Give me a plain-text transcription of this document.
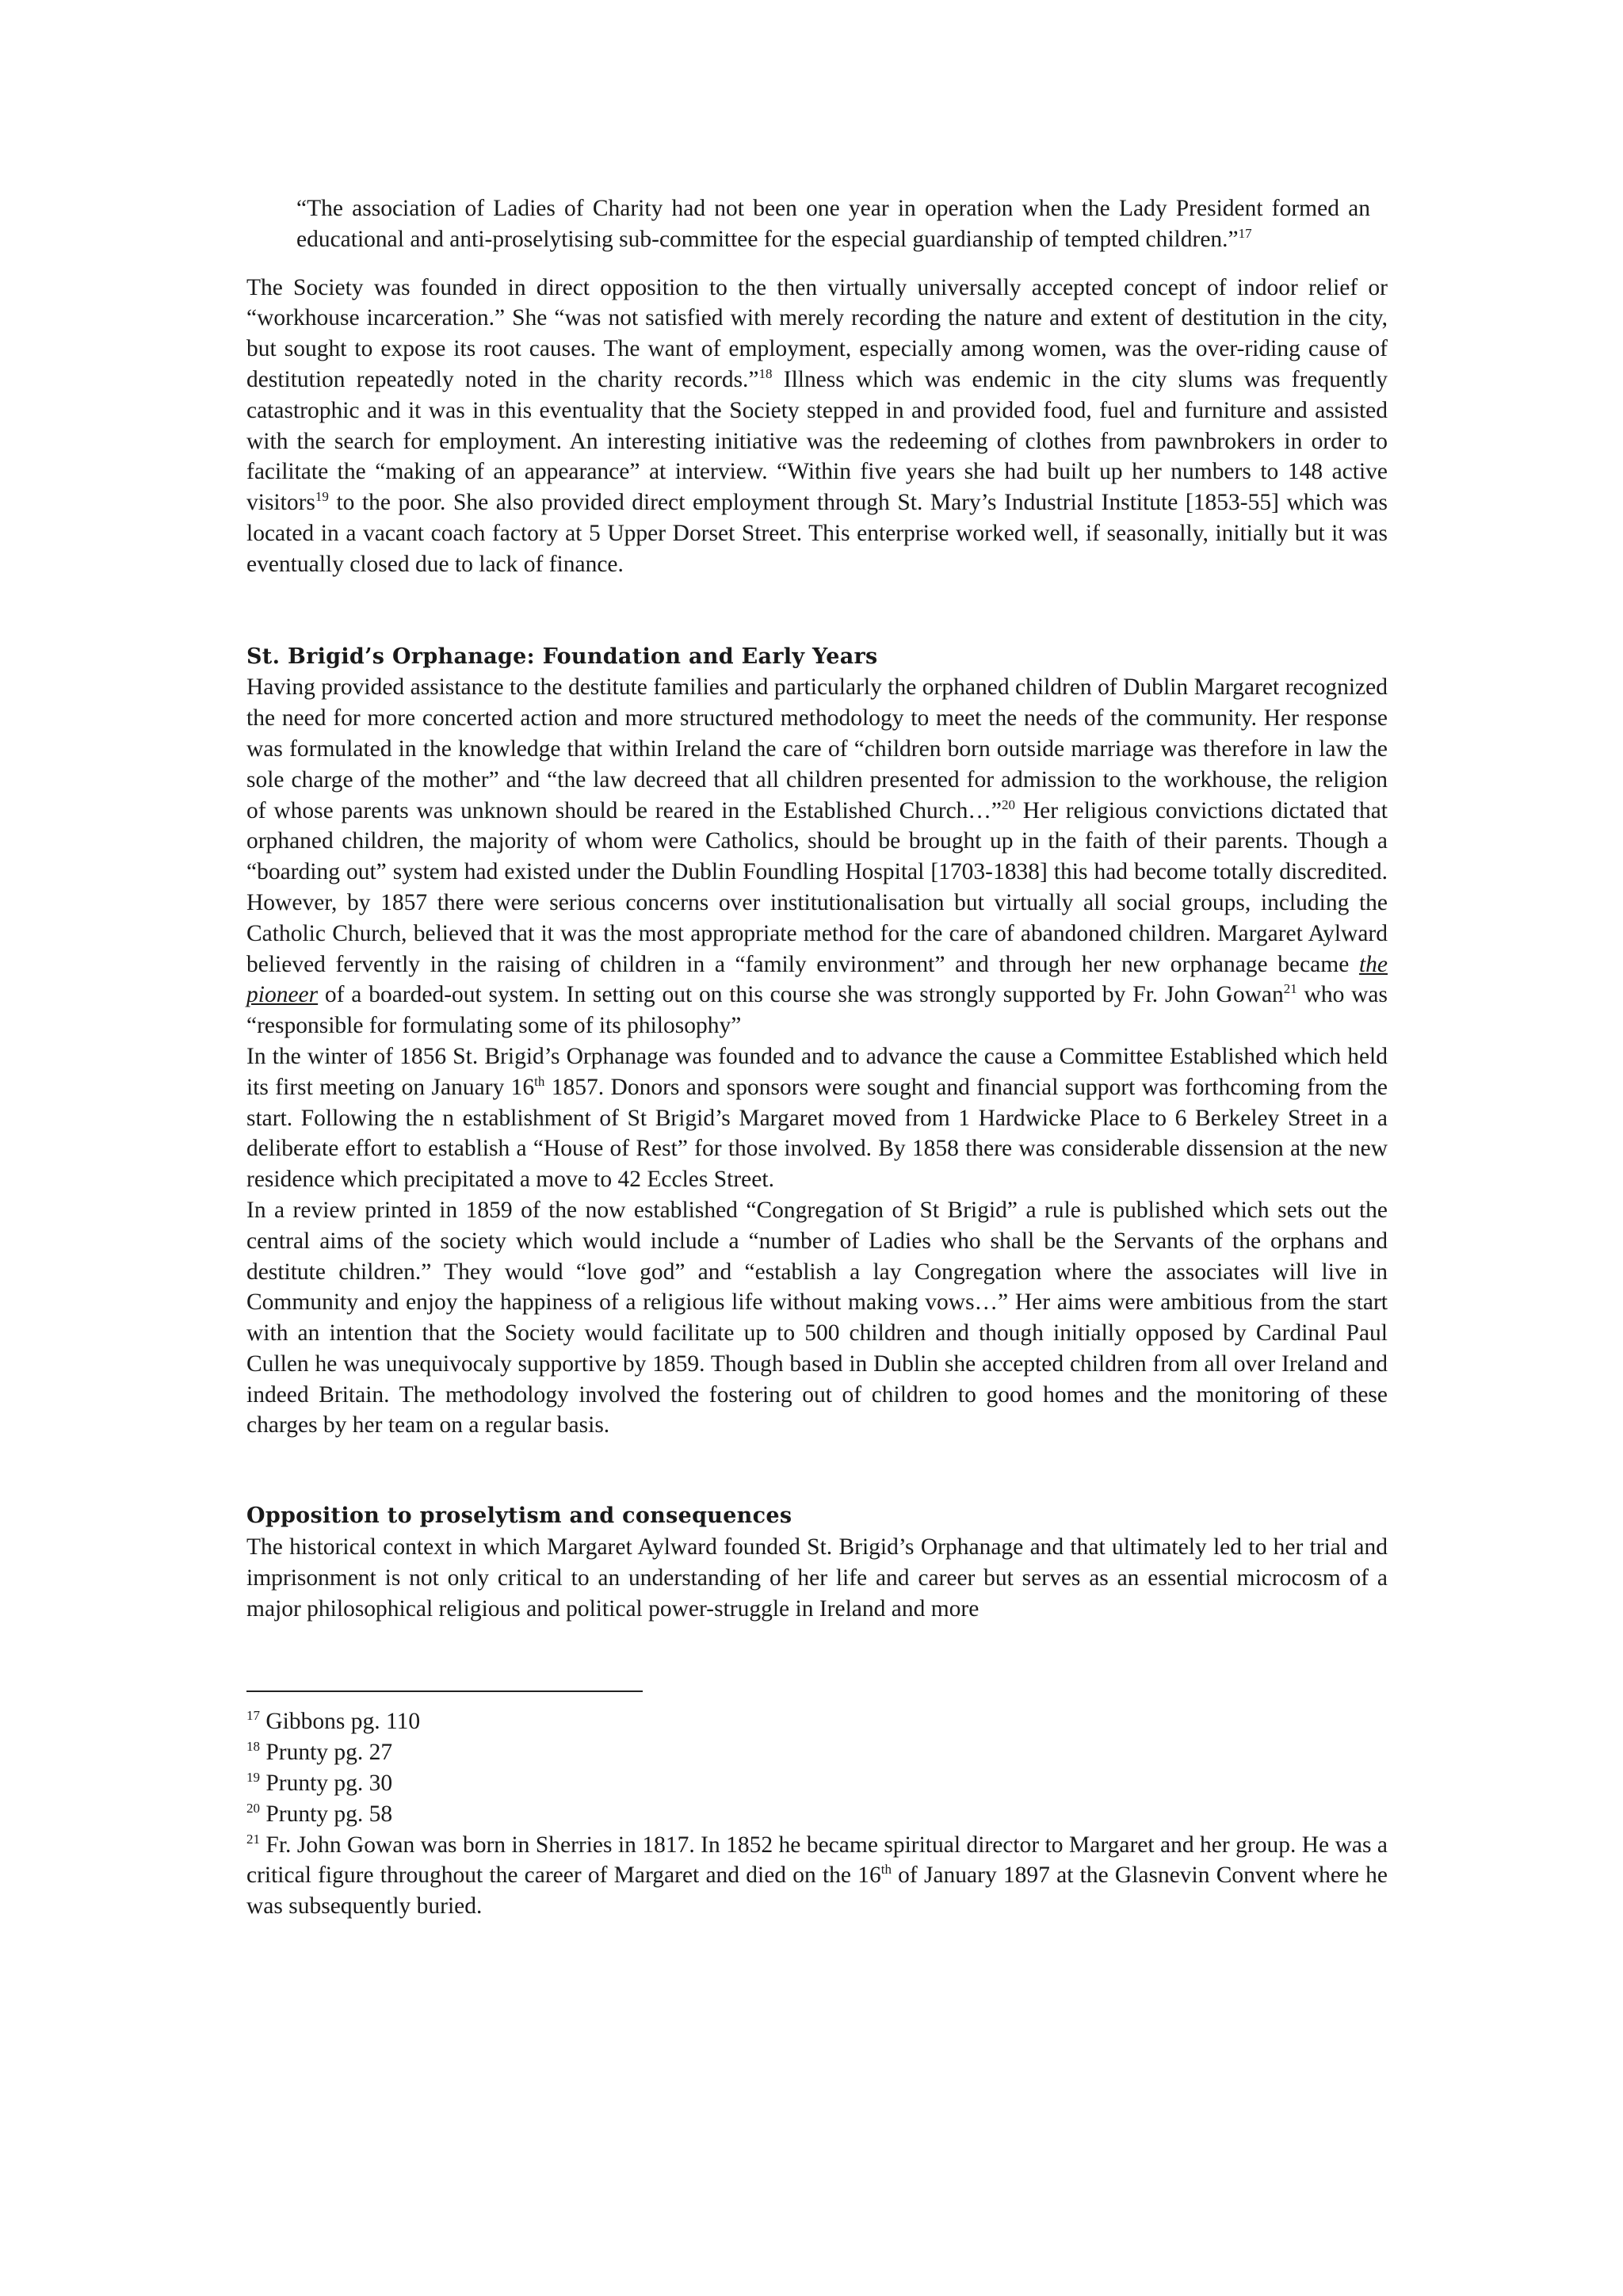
“The association of Ladies of Charity had not been one year in operation when the Lady President formed an educational and anti-proselytising sub-committee for the especial guardianship of tempted children.”$^{17}$

The Society was founded in direct opposition to the then virtually universally accepted concept of indoor relief or “workhouse incarceration.” She “was not satisfied with merely recording the nature and extent of destitution in the city, but sought to expose its root causes. The want of employment, especially among women, was the over-riding cause of destitution repeatedly noted in the charity records.”$^{18}$ Illness which was endemic in the city slums was frequently catastrophic and it was in this eventuality that the Society stepped in and provided food, fuel and furniture and assisted with the search for employment. An interesting initiative was the redeeming of clothes from pawnbrokers in order to facilitate the “making of an appearance” at interview. “Within five years she had built up her numbers to 148 active visitors$^{19}$ to the poor. She also provided direct employment through St. Mary’s Industrial Institute [1853-55] which was located in a vacant coach factory at 5 Upper Dorset Street. This enterprise worked well, if seasonally, initially but it was eventually closed due to lack of finance.

St. Brigid’s Orphanage: Foundation and Early Years

Having provided assistance to the destitute families and particularly the orphaned children of Dublin Margaret recognized the need for more concerted action and more structured methodology to meet the needs of the community. Her response was formulated in the knowledge that within Ireland the care of “children born outside marriage was therefore in law the sole charge of the mother” and “the law decreed that all children presented for admission to the workhouse, the religion of whose parents was unknown should be reared in the Established Church…”$^{20}$ Her religious convictions dictated that orphaned children, the majority of whom were Catholics, should be brought up in the faith of their parents. Though a “boarding out” system had existed under the Dublin Foundling Hospital [1703-1838] this had become totally discredited. However, by 1857 there were serious concerns over institutionalisation but virtually all social groups, including the Catholic Church, believed that it was the most appropriate method for the care of abandoned children. Margaret Aylward believed fervently in the raising of children in a “family environment” and through her new orphanage became the pioneer of a boarded-out system. In setting out on this course she was strongly supported by Fr. John Gowan$^{21}$ who was “responsible for formulating some of its philosophy”

In the winter of 1856 St. Brigid’s Orphanage was founded and to advance the cause a Committee Established which held its first meeting on January 16th 1857. Donors and sponsors were sought and financial support was forthcoming from the start. Following the n establishment of St Brigid’s Margaret moved from 1 Hardwicke Place to 6 Berkeley Street in a deliberate effort to establish a “House of Rest” for those involved. By 1858 there was considerable dissension at the new residence which precipitated a move to 42 Eccles Street.

In a review printed in 1859 of the now established “Congregation of St Brigid” a rule is published which sets out the central aims of the society which would include a “number of Ladies who shall be the Servants of the orphans and destitute children.” They would “love god” and “establish a lay Congregation where the associates will live in Community and enjoy the happiness of a religious life without making vows…” Her aims were ambitious from the start with an intention that the Society would facilitate up to 500 children and though initially opposed by Cardinal Paul Cullen he was unequivocaly supportive by 1859. Though based in Dublin she accepted children from all over Ireland and indeed Britain. The methodology involved the fostering out of children to good homes and the monitoring of these charges by her team on a regular basis.

Opposition to proselytism and consequences

The historical context in which Margaret Aylward founded St. Brigid’s Orphanage and that ultimately led to her trial and imprisonment is not only critical to an understanding of her life and career but serves as an essential microcosm of a major philosophical religious and political power-struggle in Ireland and more

$^{17}$ Gibbons pg. 110
$^{18}$ Prunty pg. 27
$^{19}$ Prunty pg. 30
$^{20}$ Prunty pg. 58
$^{21}$ Fr. John Gowan was born in Sherries in 1817. In 1852 he became spiritual director to Margaret and her group. He was a critical figure throughout the career of Margaret and died on the 16th of January 1897 at the Glasnevin Convent where he was subsequently buried.
